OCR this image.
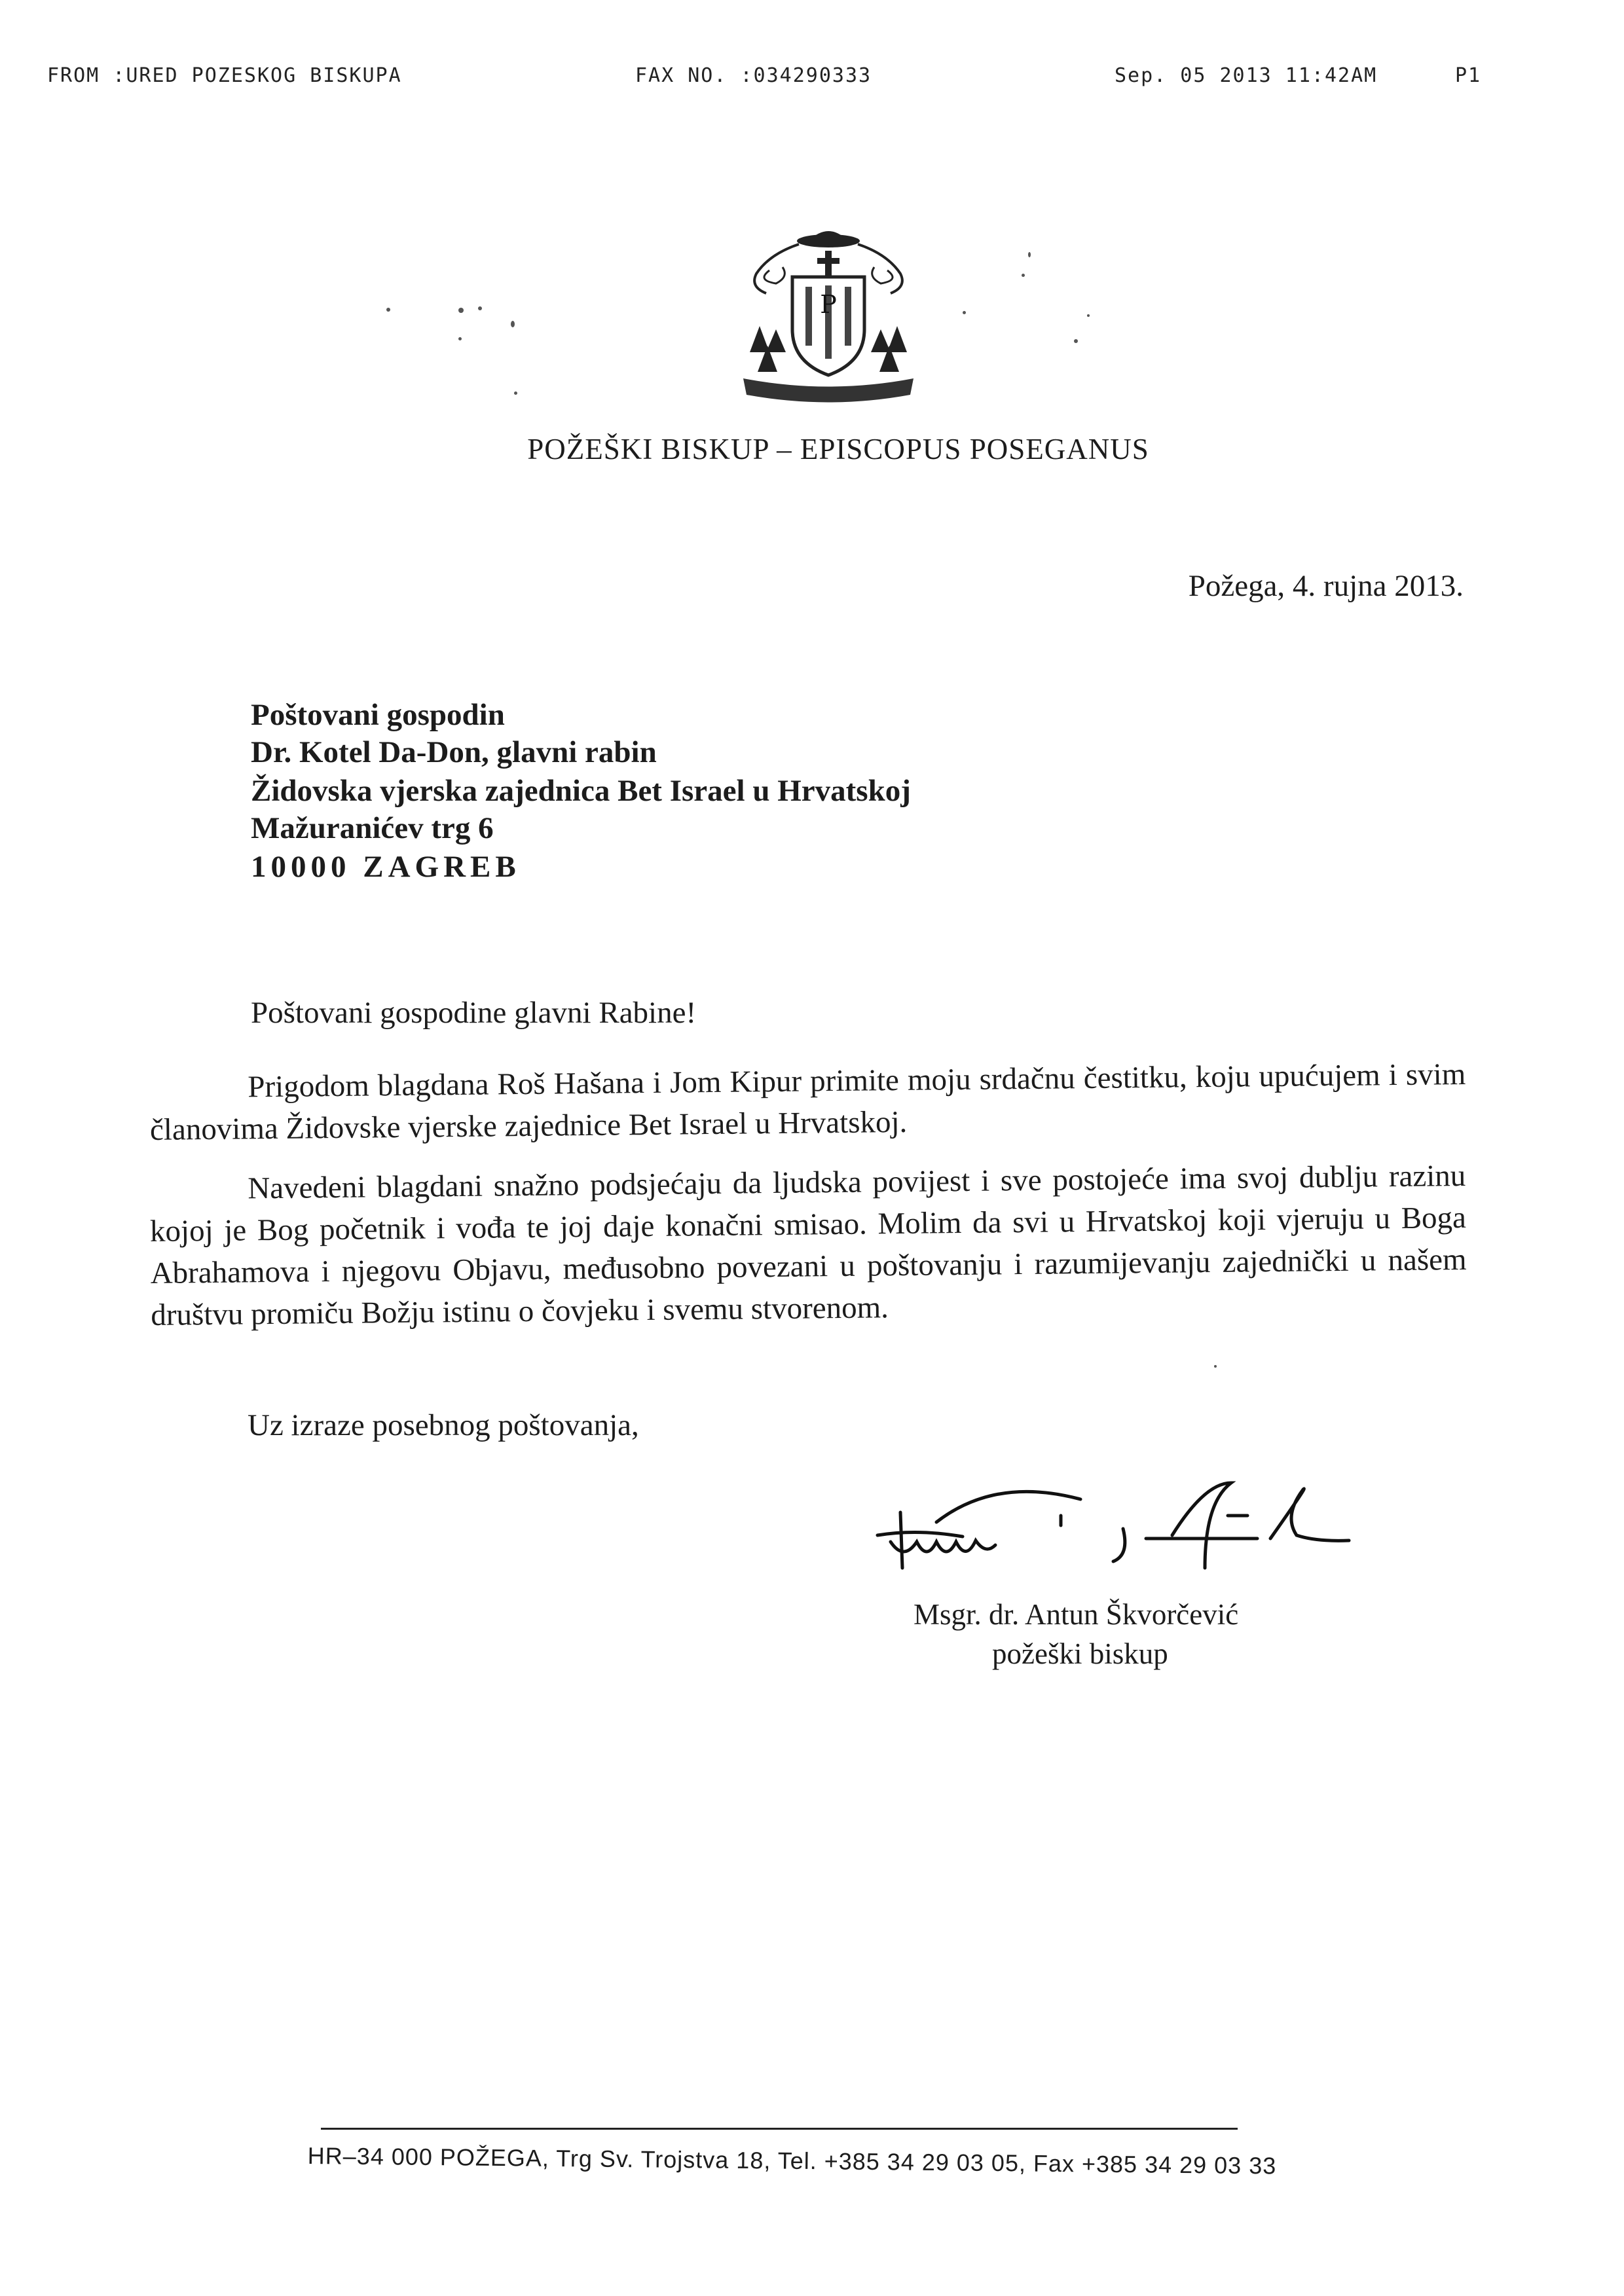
FROM :URED POZESKOG BISKUPA	FAX NO. :034290333	Sep. 05 2013 11:42AM	P1
P
POŽEŠKI BISKUP – EPISCOPUS POSEGANUS
Požega, 4. rujna 2013.
Poštovani gospodin
Dr. Kotel Da-Don, glavni rabin
Židovska vjerska zajednica Bet Israel u Hrvatskoj
Mažuranićev trg 6
10000 ZAGREB
Poštovani gospodine glavni Rabine!

Prigodom blagdana Roš Hašana i Jom Kipur primite moju srdačnu čestitku, koju upućujem i svim članovima Židovske vjerske zajednice Bet Israel u Hrvatskoj.

Navedeni blagdani snažno podsjećaju da ljudska povijest i sve postojeće ima svoj dublju razinu kojoj je Bog početnik i vođa te joj daje konačni smisao. Molim da svi u Hrvatskoj koji vjeruju u Boga Abrahamova i njegovu Objavu, međusobno povezani u poštovanju i razumijevanju zajednički u našem društvu promiču Božju istinu o čovjeku i svemu stvorenom.

Uz izraze posebnog poštovanja,
Msgr. dr. Antun Škvorčević
požeški biskup
HR–34 000 POŽEGA, Trg Sv. Trojstva 18, Tel. +385 34 29 03 05, Fax +385 34 29 03 33
